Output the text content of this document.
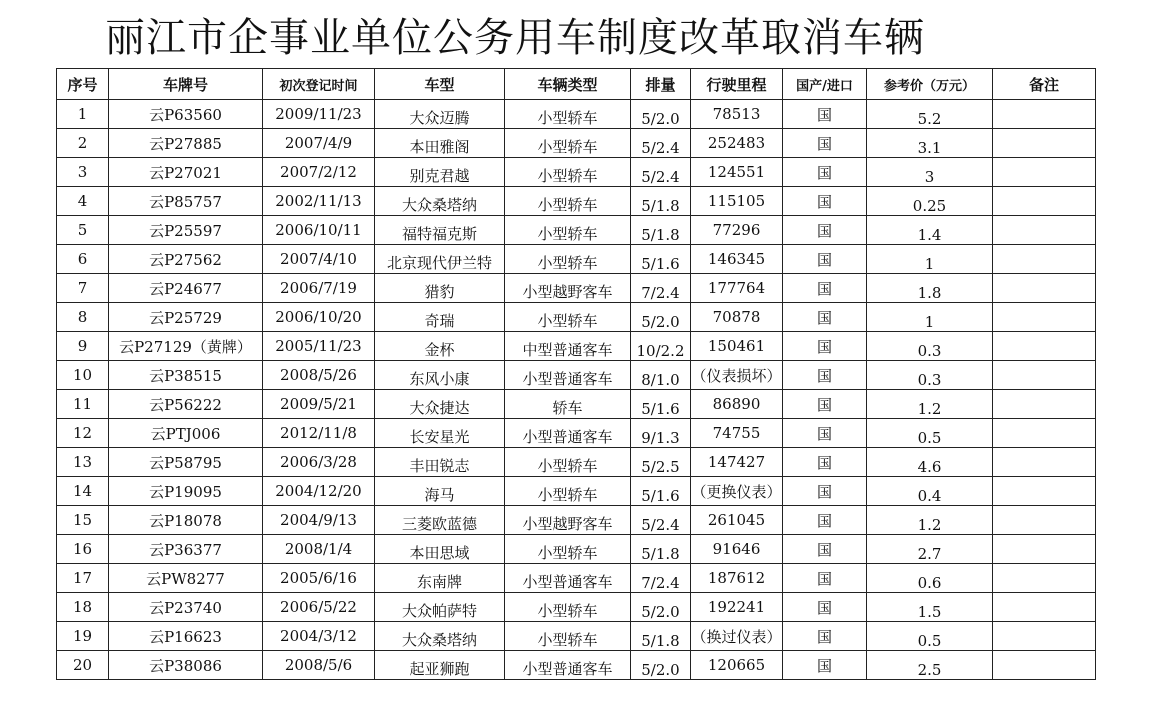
丽江市企事业单位公务用车制度改革取消车辆
序号	车牌号	初次登记时间	车型	车辆类型	排量	行驶里程	国产/进口	参考价（万元）	备注
1	云P63560	2009/11/23	大众迈腾	小型轿车	5/2.0	78513	国	5.2	
2	云P27885	2007/4/9	本田雅阁	小型轿车	5/2.4	252483	国	3.1	
3	云P27021	2007/2/12	别克君越	小型轿车	5/2.4	124551	国	3	
4	云P85757	2002/11/13	大众桑塔纳	小型轿车	5/1.8	115105	国	0.25	
5	云P25597	2006/10/11	福特福克斯	小型轿车	5/1.8	77296	国	1.4	
6	云P27562	2007/4/10	北京现代伊兰特	小型轿车	5/1.6	146345	国	1	
7	云P24677	2006/7/19	猎豹	小型越野客车	7/2.4	177764	国	1.8	
8	云P25729	2006/10/20	奇瑞	小型轿车	5/2.0	70878	国	1	
9	云P27129（黄牌）	2005/11/23	金杯	中型普通客车	10/2.2	150461	国	0.3	
10	云P38515	2008/5/26	东风小康	小型普通客车	8/1.0	（仪表损坏）	国	0.3	
11	云P56222	2009/5/21	大众捷达	轿车	5/1.6	86890	国	1.2	
12	云PTJ006	2012/11/8	长安星光	小型普通客车	9/1.3	74755	国	0.5	
13	云P58795	2006/3/28	丰田锐志	小型轿车	5/2.5	147427	国	4.6	
14	云P19095	2004/12/20	海马	小型轿车	5/1.6	（更换仪表）	国	0.4	
15	云P18078	2004/9/13	三菱欧蓝德	小型越野客车	5/2.4	261045	国	1.2	
16	云P36377	2008/1/4	本田思域	小型轿车	5/1.8	91646	国	2.7	
17	云PW8277	2005/6/16	东南牌	小型普通客车	7/2.4	187612	国	0.6	
18	云P23740	2006/5/22	大众帕萨特	小型轿车	5/2.0	192241	国	1.5	
19	云P16623	2004/3/12	大众桑塔纳	小型轿车	5/1.8	（换过仪表）	国	0.5	
20	云P38086	2008/5/6	起亚狮跑	小型普通客车	5/2.0	120665	国	2.5	
